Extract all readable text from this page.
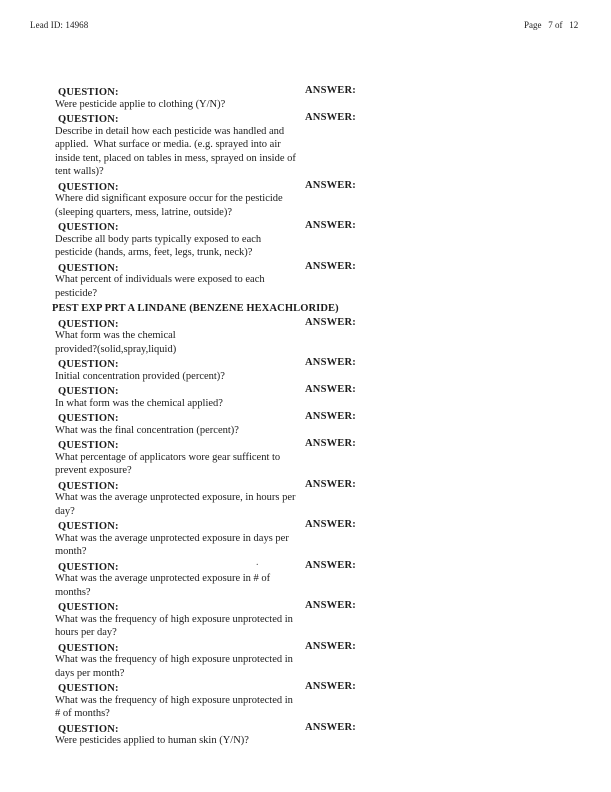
Lead ID: 14968	Page   7 of   12
QUESTION:	ANSWER:
Were pesticide applie to clothing (Y/N)?
QUESTION:	ANSWER:
Describe in detail how each pesticide was handled and
applied.  What surface or media. (e.g. sprayed into air
inside tent, placed on tables in mess, sprayed on inside of
tent walls)?
QUESTION:	ANSWER:
Where did significant exposure occur for the pesticide
(sleeping quarters, mess, latrine, outside)?
QUESTION:	ANSWER:
Describe all body parts typically exposed to each
pesticide (hands, arms, feet, legs, trunk, neck)?
QUESTION:	ANSWER:
What percent of individuals were exposed to each
pesticide?
PEST EXP PRT A LINDANE (BENZENE HEXACHLORIDE)
QUESTION:	ANSWER:
What form was the chemical
provided?(solid,spray,liquid)
QUESTION:	ANSWER:
Initial concentration provided (percent)?
QUESTION:	ANSWER:
In what form was the chemical applied?
QUESTION:	ANSWER:
What was the final concentration (percent)?
QUESTION:	ANSWER:
What percentage of applicators wore gear sufficent to
prevent exposure?
QUESTION:	ANSWER:
What was the average unprotected exposure, in hours per
day?
QUESTION:	ANSWER:
What was the average unprotected exposure in days per
month?
QUESTION:	.	ANSWER:
What was the average unprotected exposure in # of
months?
QUESTION:	ANSWER:
What was the frequency of high exposure unprotected in
hours per day?
QUESTION:	ANSWER:
What was the frequency of high exposure unprotected in
days per month?
QUESTION:	ANSWER:
What was the frequency of high exposure unprotected in
# of months?
QUESTION:	ANSWER:
Were pesticides applied to human skin (Y/N)?
